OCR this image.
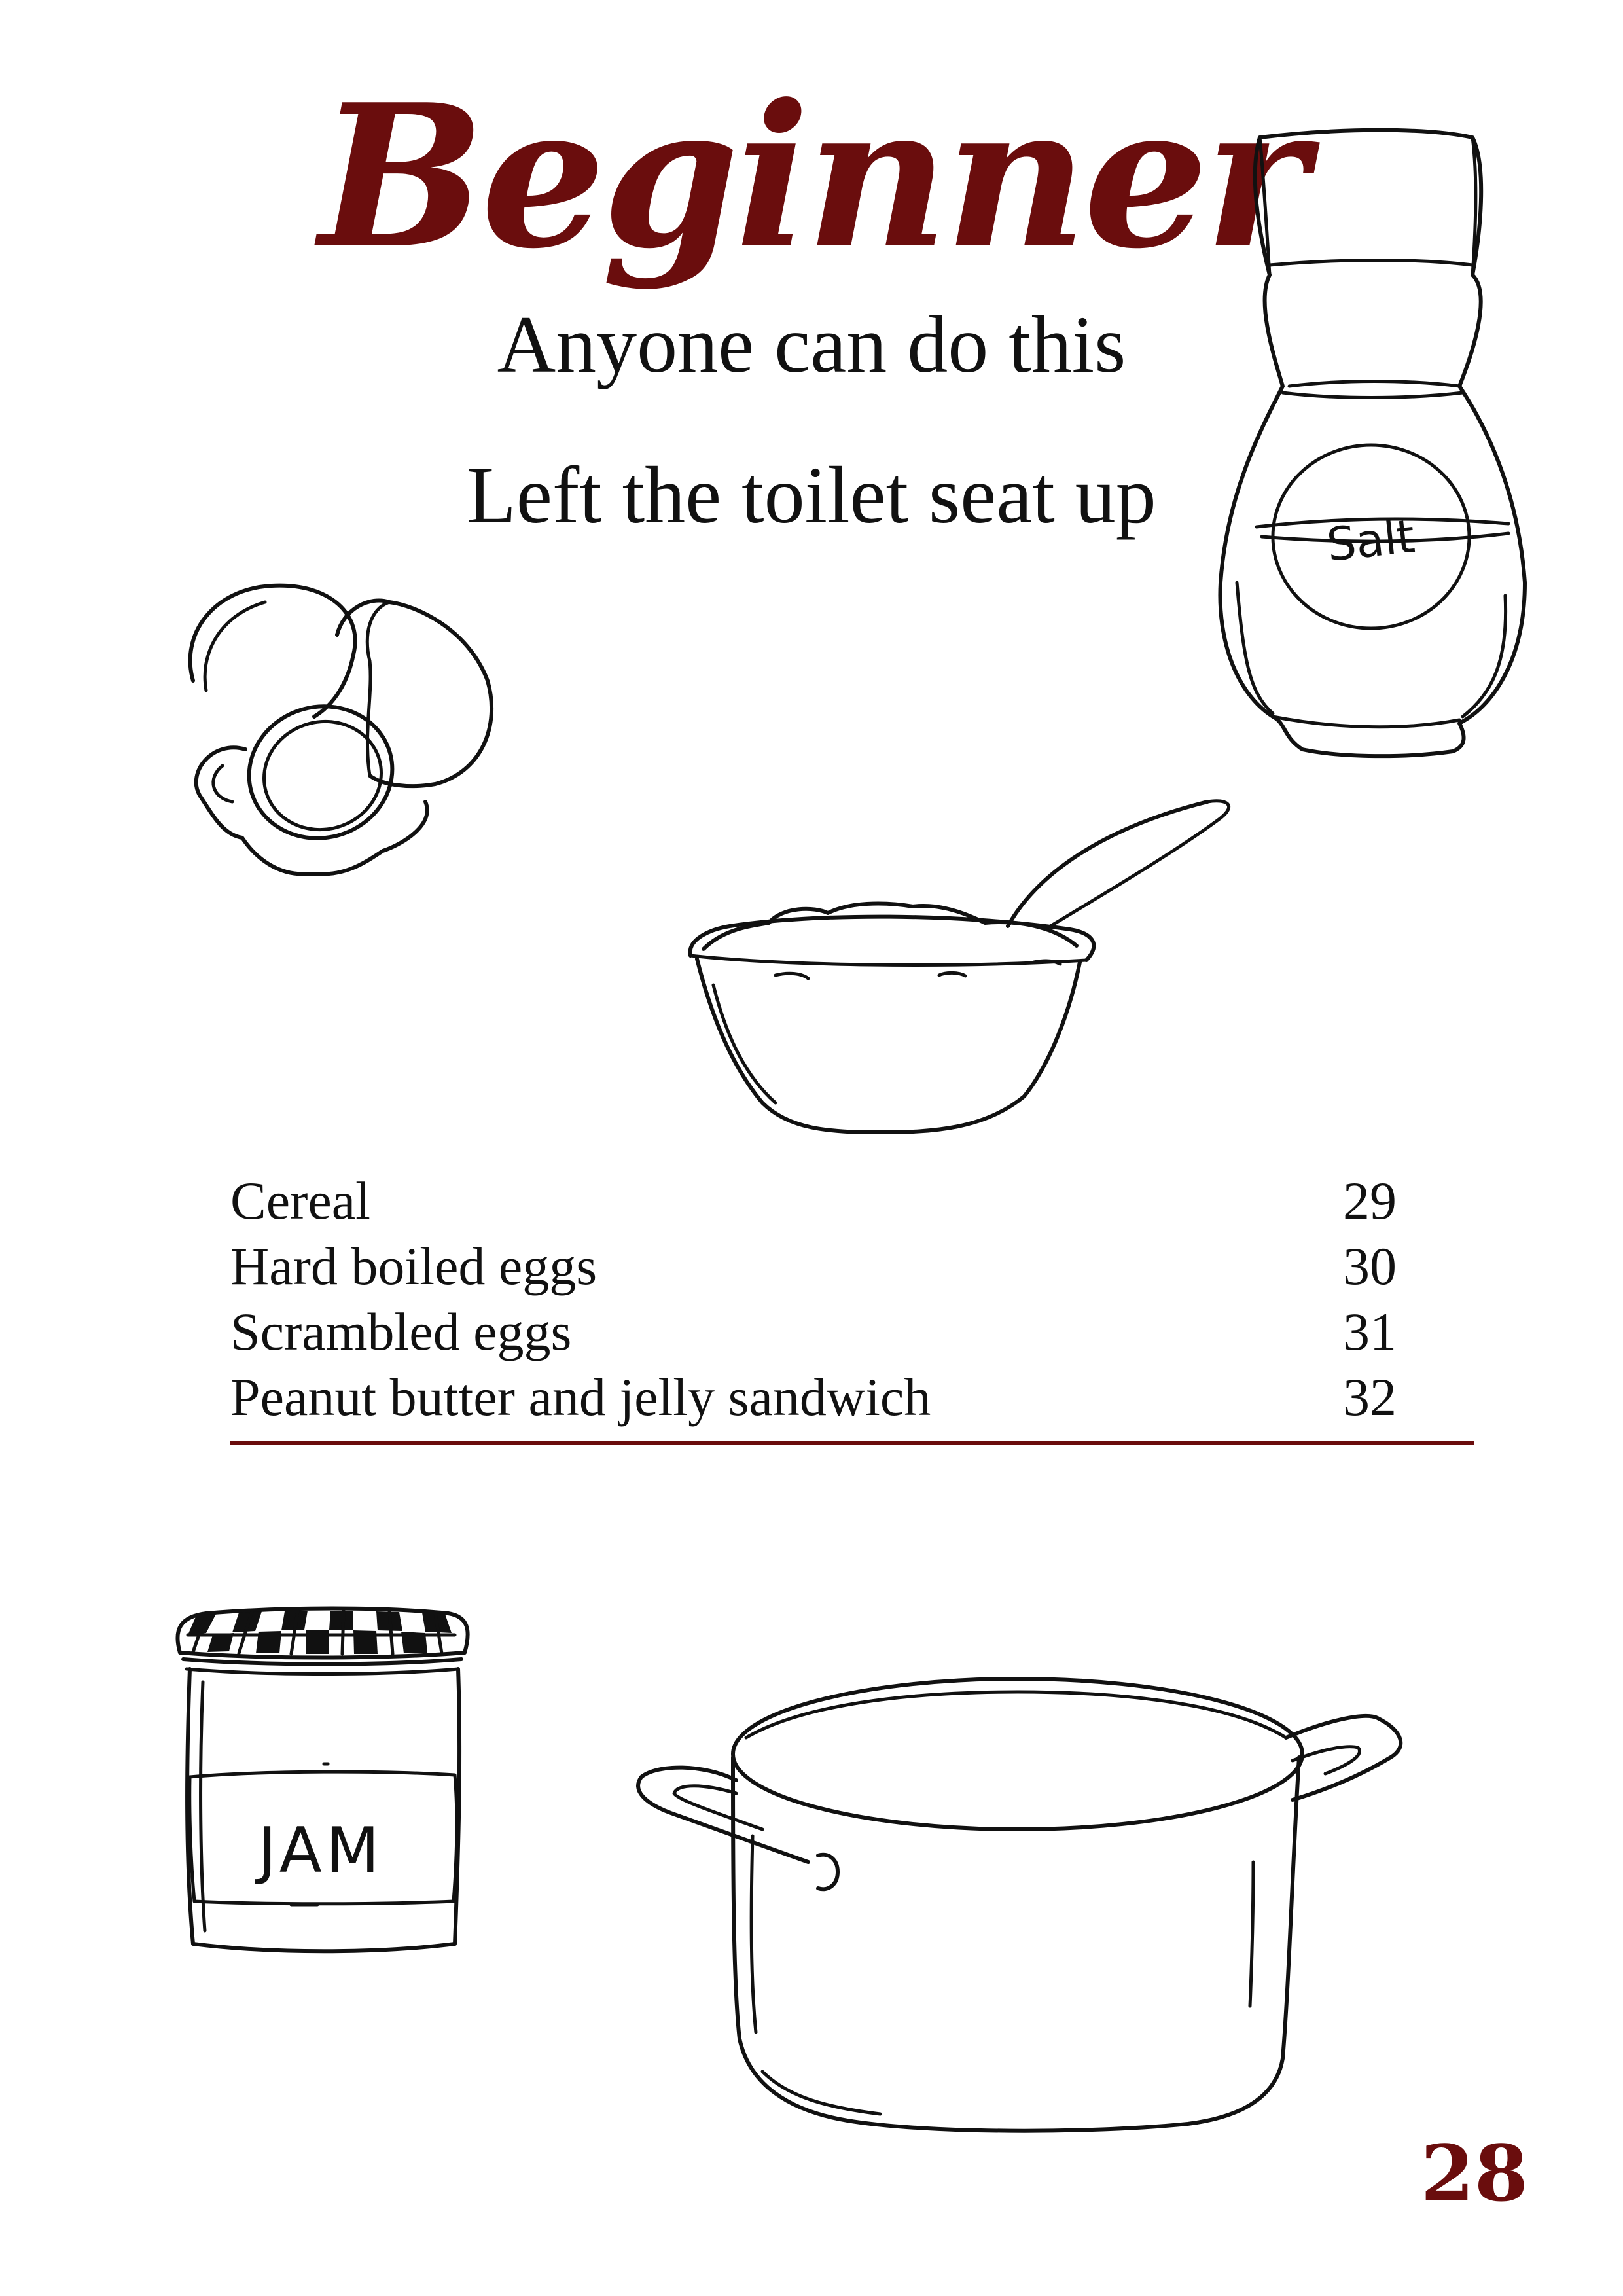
Beginner
Anyone can do this
Left the toilet seat up
Salt
Cereal	29
Hard boiled eggs	30
Scrambled eggs	31
Peanut butter and jelly sandwich	32
JAM
28
